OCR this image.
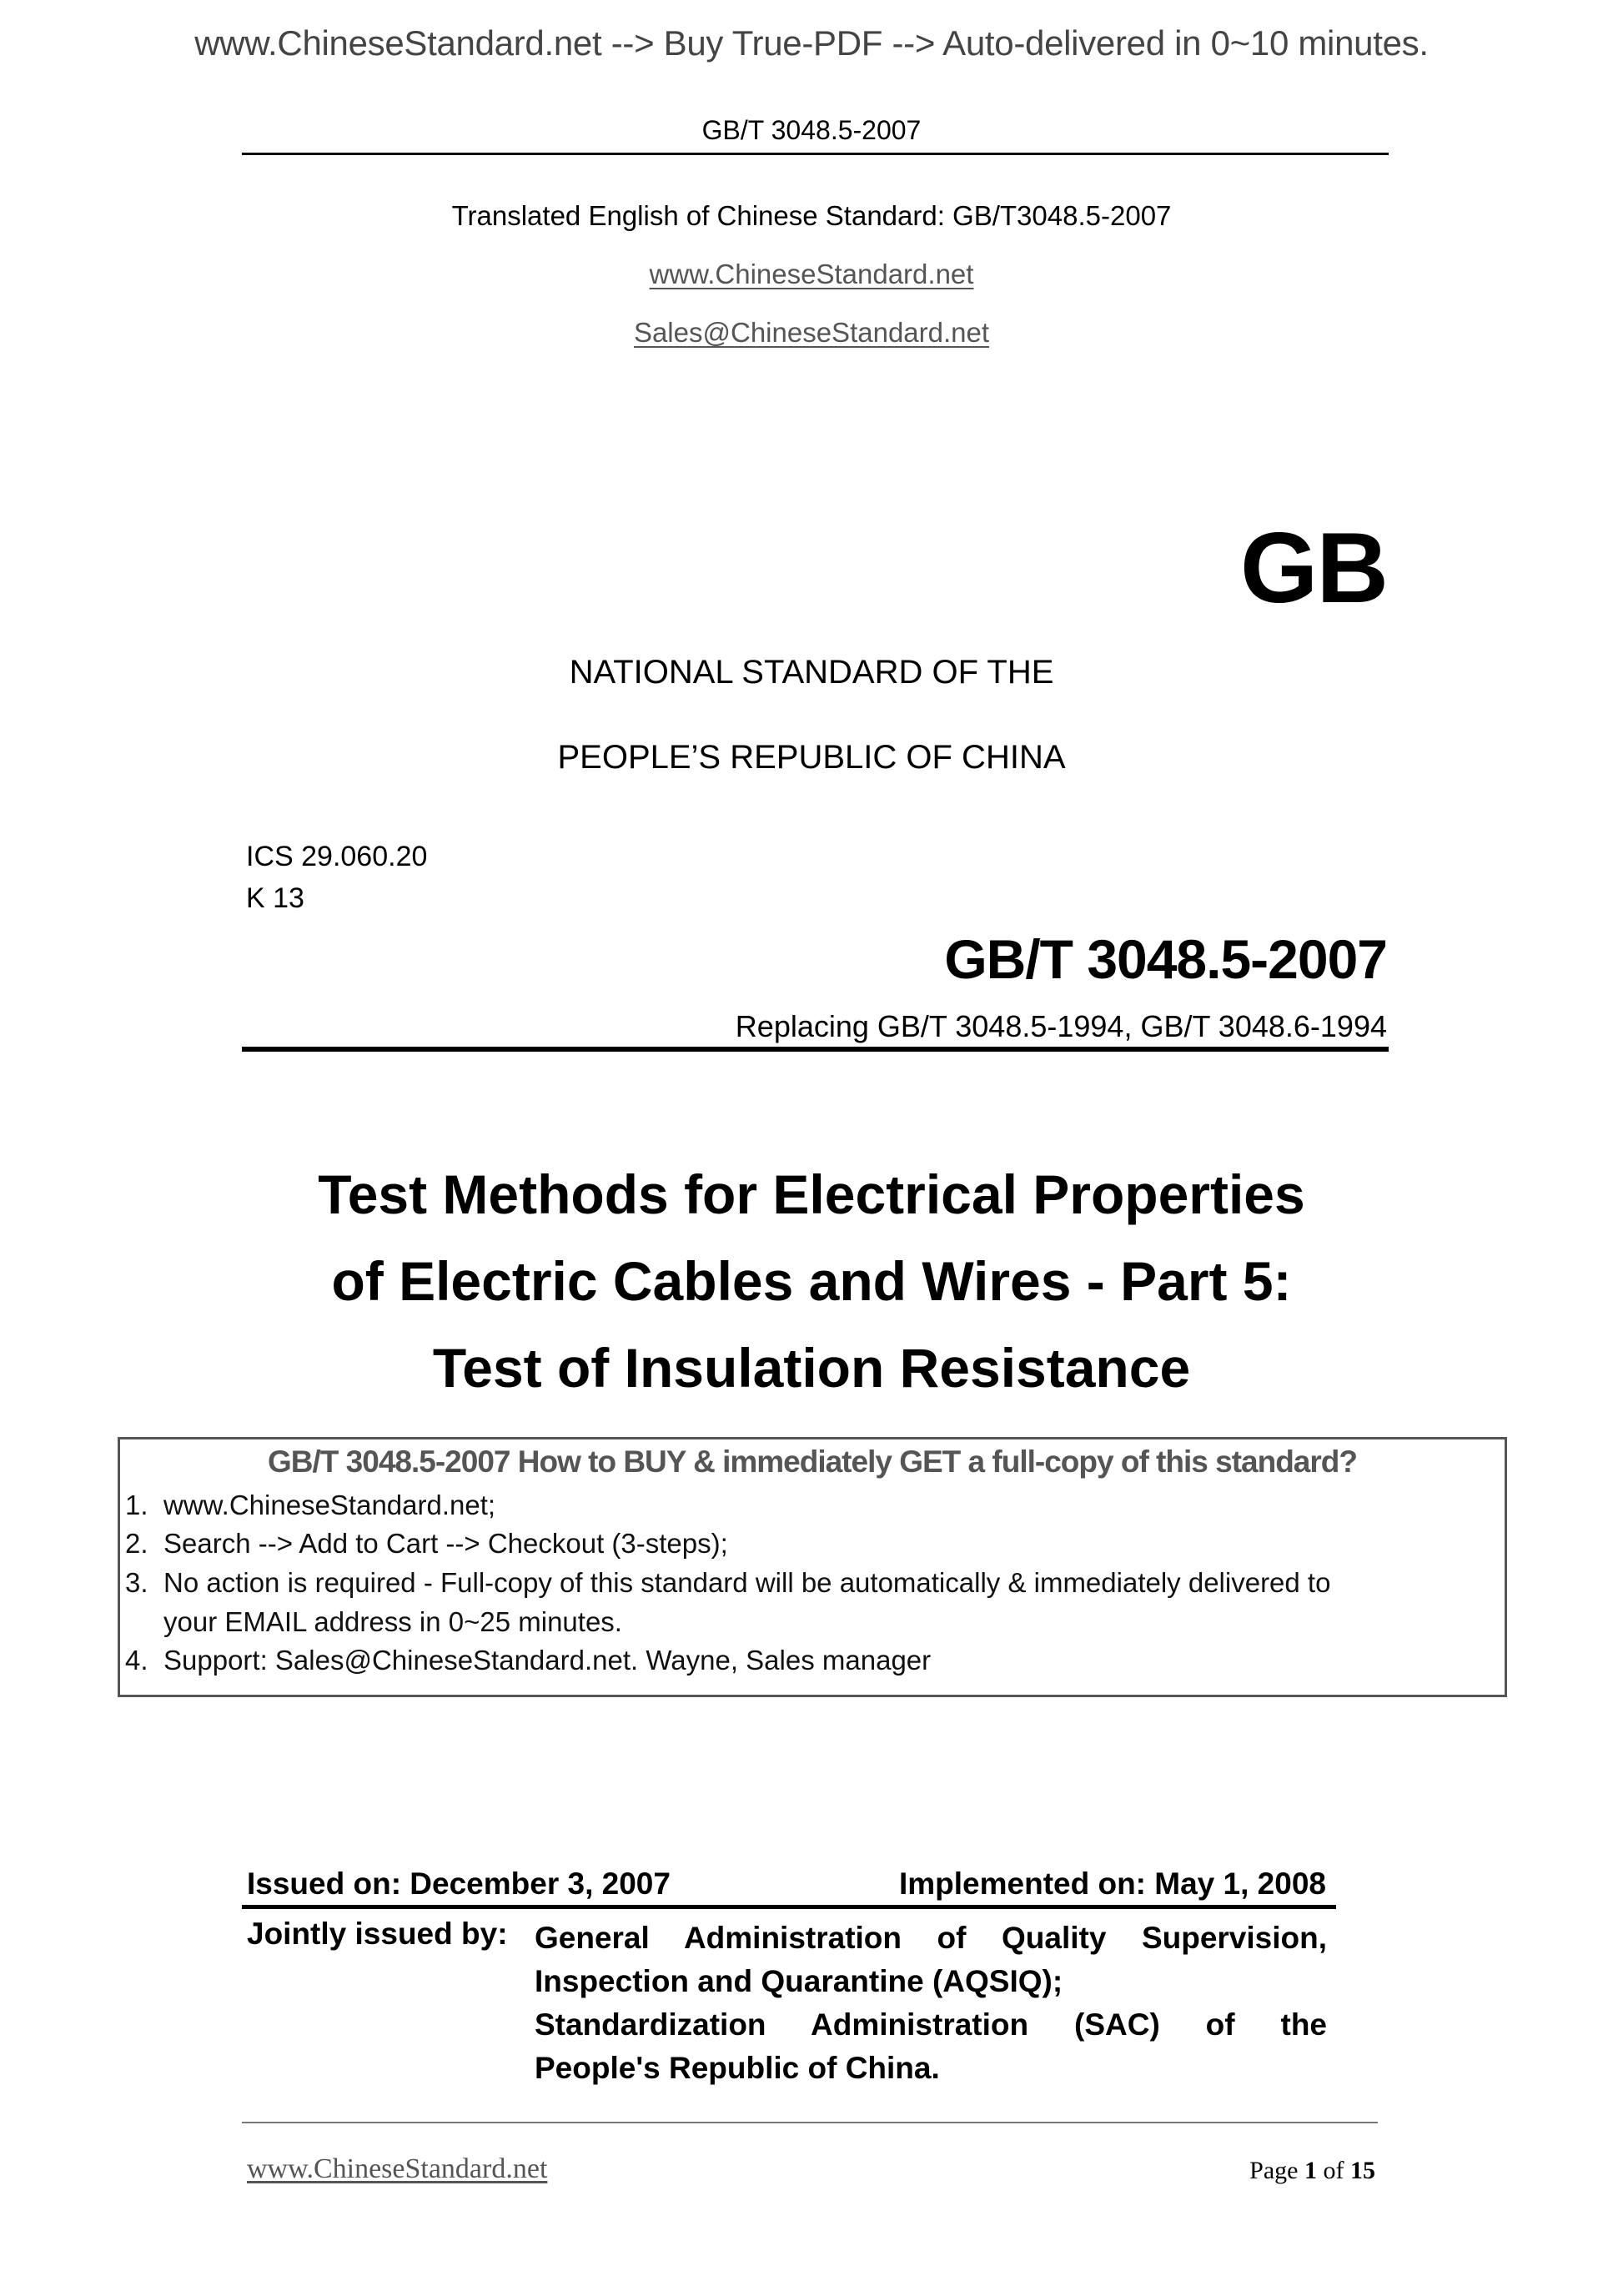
www.ChineseStandard.net --> Buy True-PDF --> Auto-delivered in 0~10 minutes.
GB/T 3048.5-2007
Translated English of Chinese Standard: GB/T3048.5-2007
www.ChineseStandard.net
Sales@ChineseStandard.net
GB
NATIONAL STANDARD OF THE
PEOPLE’S REPUBLIC OF CHINA
ICS 29.060.20
K 13
GB/T 3048.5-2007
Replacing GB/T 3048.5-1994, GB/T 3048.6-1994
Test Methods for Electrical Properties
of Electric Cables and Wires - Part 5:
Test of Insulation Resistance
GB/T 3048.5-2007 How to BUY & immediately GET a full-copy of this standard?
1. www.ChineseStandard.net;
2. Search --> Add to Cart --> Checkout (3-steps);
3. No action is required - Full-copy of this standard will be automatically & immediately delivered to
your EMAIL address in 0~25 minutes.
4. Support: Sales@ChineseStandard.net. Wayne, Sales manager
Issued on: December 3, 2007	Implemented on: May 1, 2008
Jointly issued by: General Administration of Quality Supervision,
Inspection and Quarantine (AQSIQ);
Standardization Administration (SAC) of the
People's Republic of China.
www.ChineseStandard.net	Page 1 of 15
